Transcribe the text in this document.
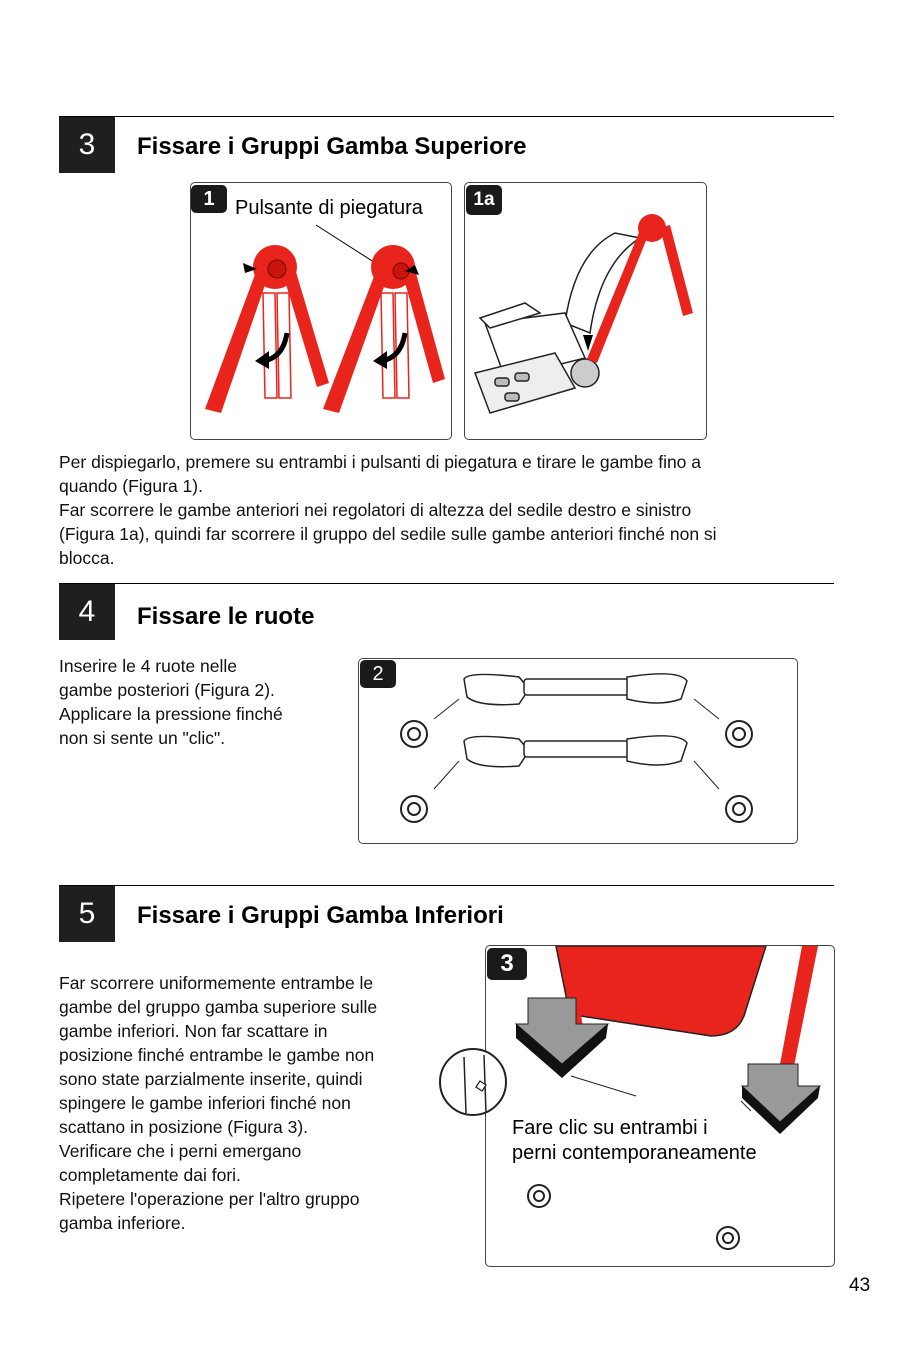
3	Fissare i Gruppi Gamba Superiore
1	Pulsante di piegatura	1a
Per dispiegarlo, premere su entrambi i pulsanti di piegatura e tirare le gambe fino a
quando (Figura 1).
Far scorrere le gambe anteriori nei regolatori di altezza del sedile destro e sinistro
(Figura 1a), quindi far scorrere il gruppo del sedile sulle gambe anteriori finché non si
blocca.
4	Fissare le ruote
Inserire le 4 ruote nelle
gambe posteriori (Figura 2).
Applicare la pressione finché
non si sente un "clic".
2
5	Fissare i Gruppi Gamba Inferiori
Far scorrere uniformemente entrambe le
gambe del gruppo gamba superiore sulle
gambe inferiori. Non far scattare in
posizione finché entrambe le gambe non
sono state parzialmente inserite, quindi
spingere le gambe inferiori finché non
scattano in posizione (Figura 3).
Verificare che i perni emergano
completamente dai fori.
Ripetere l'operazione per l'altro gruppo
gamba inferiore.
3
Fare clic su entrambi i
perni contemporaneamente
43
